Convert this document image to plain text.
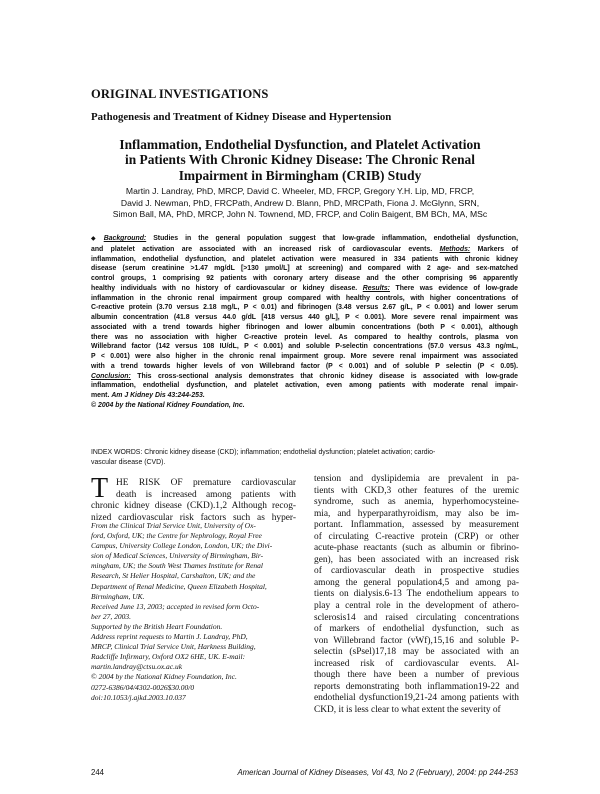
ORIGINAL INVESTIGATIONS
Pathogenesis and Treatment of Kidney Disease and Hypertension
Inflammation, Endothelial Dysfunction, and Platelet Activation
in Patients With Chronic Kidney Disease: The Chronic Renal
Impairment in Birmingham (CRIB) Study
Martin J. Landray, PhD, MRCP, David C. Wheeler, MD, FRCP, Gregory Y.H. Lip, MD, FRCP,
David J. Newman, PhD, FRCPath, Andrew D. Blann, PhD, MRCPath, Fiona J. McGlynn, SRN,
Simon Ball, MA, PhD, MRCP, John N. Townend, MD, FRCP, and Colin Baigent, BM BCh, MA, MSc
◆ Background: Studies in the general population suggest that low-grade inflammation, endothelial dysfunction,
and platelet activation are associated with an increased risk of cardiovascular events. Methods: Markers of
inflammation, endothelial dysfunction, and platelet activation were measured in 334 patients with chronic kidney
disease (serum creatinine >1.47 mg/dL [>130 µmol/L] at screening) and compared with 2 age- and sex-matched
control groups, 1 comprising 92 patients with coronary artery disease and the other comprising 96 apparently
healthy individuals with no history of cardiovascular or kidney disease. Results: There was evidence of low-grade
inflammation in the chronic renal impairment group compared with healthy controls, with higher concentrations of
C-reactive protein (3.70 versus 2.18 mg/L, P < 0.01) and fibrinogen (3.48 versus 2.67 g/L, P < 0.001) and lower serum
albumin concentration (41.8 versus 44.0 g/dL [418 versus 440 g/L], P < 0.001). More severe renal impairment was
associated with a trend towards higher fibrinogen and lower albumin concentrations (both P < 0.001), although
there was no association with higher C-reactive protein level. As compared to healthy controls, plasma von
Willebrand factor (142 versus 108 IU/dL, P < 0.001) and soluble P-selectin concentrations (57.0 versus 43.3 ng/mL,
P < 0.001) were also higher in the chronic renal impairment group. More severe renal impairment was associated
with a trend towards higher levels of von Willebrand factor (P < 0.001) and of soluble P selectin (P < 0.05).
Conclusion: This cross-sectional analysis demonstrates that chronic kidney disease is associated with low-grade
inflammation, endothelial dysfunction, and platelet activation, even among patients with moderate renal impair-
ment. Am J Kidney Dis 43:244-253.
© 2004 by the National Kidney Foundation, Inc.
INDEX WORDS: Chronic kidney disease (CKD); inflammation; endothelial dysfunction; platelet activation; cardio-
vascular disease (CVD).
T HE RISK OF premature cardiovascular
death is increased among patients with
chronic kidney disease (CKD).1,2 Although recog-
nized cardiovascular risk factors such as hyper-
From the Clinical Trial Service Unit, University of Ox-
ford, Oxford, UK; the Centre for Nephrology, Royal Free
Campus, University College London, London, UK; the Divi-
sion of Medical Sciences, University of Birmingham, Bir-
mingham, UK; the South West Thames Institute for Renal
Research, St Helier Hospital, Carshalton, UK; and the
Department of Renal Medicine, Queen Elizabeth Hospital,
Birmingham, UK.
Received June 13, 2003; accepted in revised form Octo-
ber 27, 2003.
Supported by the British Heart Foundation.
Address reprint requests to Martin J. Landray, PhD,
MRCP, Clinical Trial Service Unit, Harkness Building,
Radcliffe Infirmary, Oxford OX2 6HE, UK. E-mail:
martin.landray@ctsu.ox.ac.uk
© 2004 by the National Kidney Foundation, Inc.
0272-6386/04/4302-0026$30.00/0
doi:10.1053/j.ajkd.2003.10.037
tension and dyslipidemia are prevalent in pa-
tients with CKD,3 other features of the uremic
syndrome, such as anemia, hyperhomocysteine-
mia, and hyperparathyroidism, may also be im-
portant. Inflammation, assessed by measurement
of circulating C-reactive protein (CRP) or other
acute-phase reactants (such as albumin or fibrino-
gen), has been associated with an increased risk
of cardiovascular death in prospective studies
among the general population4,5 and among pa-
tients on dialysis.6-13 The endothelium appears to
play a central role in the development of athero-
sclerosis14 and raised circulating concentrations
of markers of endothelial dysfunction, such as
von Willebrand factor (vWf),15,16 and soluble P-
selectin (sPsel)17,18 may be associated with an
increased risk of cardiovascular events. Al-
though there have been a number of previous
reports demonstrating both inflammation19-22 and
endothelial dysfunction19,21-24 among patients with
CKD, it is less clear to what extent the severity of
244	American Journal of Kidney Diseases, Vol 43, No 2 (February), 2004: pp 244-253
